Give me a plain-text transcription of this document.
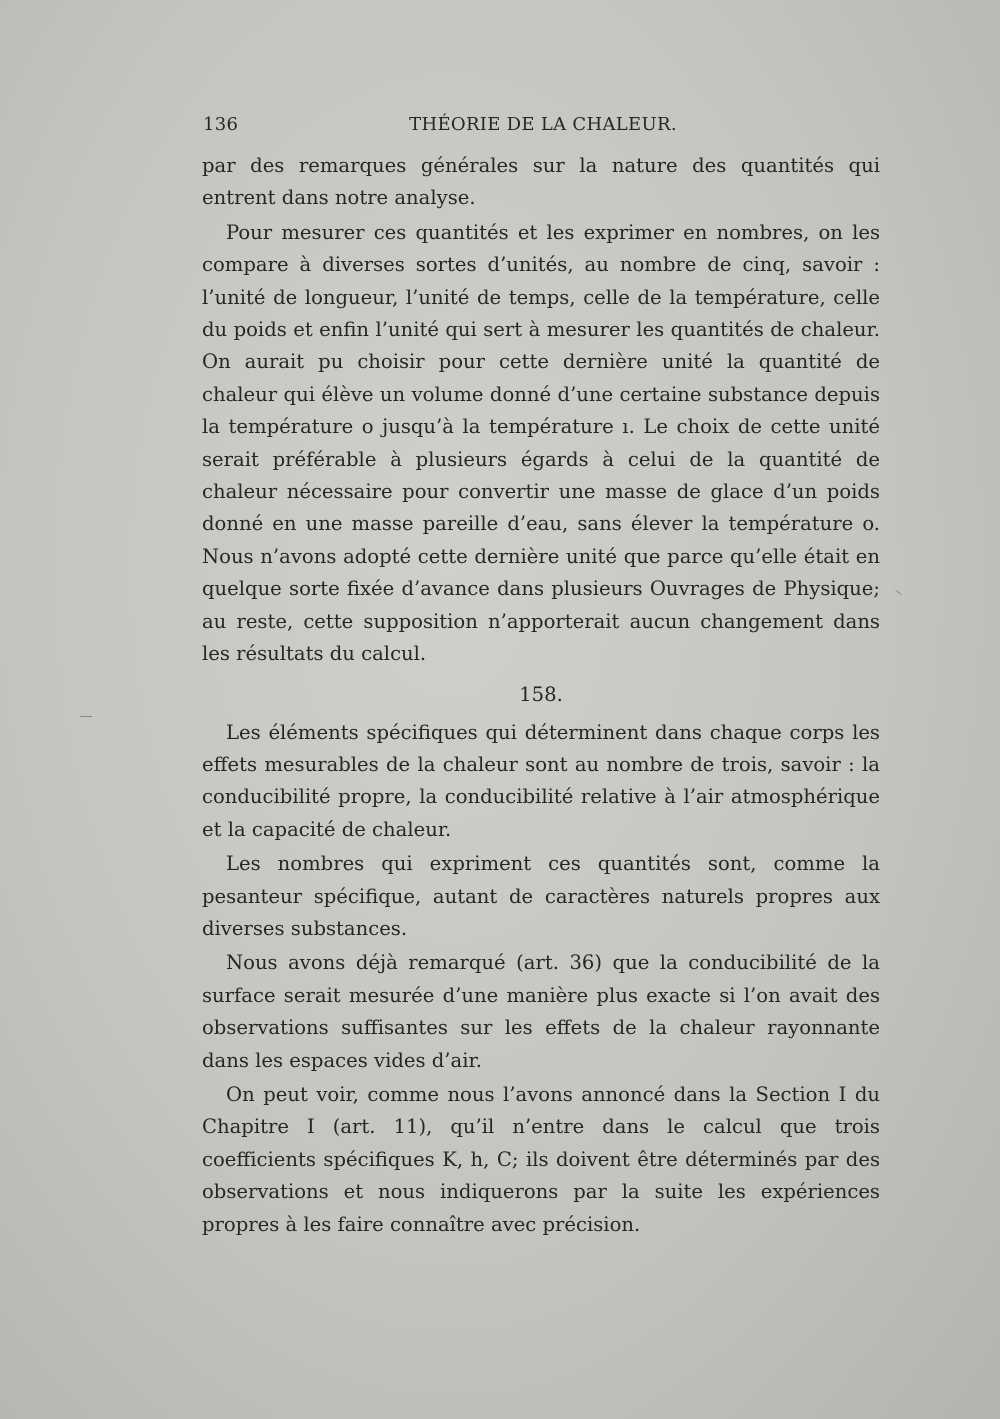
136	THÉORIE DE LA CHALEUR.

par des remarques générales sur la nature des quantités qui entrent dans notre analyse.

Pour mesurer ces quantités et les exprimer en nombres, on les compare à diverses sortes d’unités, au nombre de cinq, savoir : l’unité de longueur, l’unité de temps, celle de la température, celle du poids et enfin l’unité qui sert à mesurer les quantités de chaleur. On aurait pu choisir pour cette dernière unité la quantité de chaleur qui élève un volume donné d’une certaine substance depuis la température o jusqu’à la température ı. Le choix de cette unité serait préférable à plusieurs égards à celui de la quantité de chaleur nécessaire pour convertir une masse de glace d’un poids donné en une masse pareille d’eau, sans élever la température o. Nous n’avons adopté cette dernière unité que parce qu’elle était en quelque sorte fixée d’avance dans plusieurs Ouvrages de Physique; au reste, cette supposition n’apporterait aucun changement dans les résultats du calcul.

158.

Les éléments spécifiques qui déterminent dans chaque corps les effets mesurables de la chaleur sont au nombre de trois, savoir : la conducibilité propre, la conducibilité relative à l’air atmosphérique et la capacité de chaleur.

Les nombres qui expriment ces quantités sont, comme la pesanteur spécifique, autant de caractères naturels propres aux diverses substances.

Nous avons déjà remarqué (art. 36) que la conducibilité de la surface serait mesurée d’une manière plus exacte si l’on avait des observations suffisantes sur les effets de la chaleur rayonnante dans les espaces vides d’air.

On peut voir, comme nous l’avons annoncé dans la Section I du Chapitre I (art. 11), qu’il n’entre dans le calcul que trois coefficients spécifiques K, h, C; ils doivent être déterminés par des observations et nous indiquerons par la suite les expériences propres à les faire connaître avec précision.
